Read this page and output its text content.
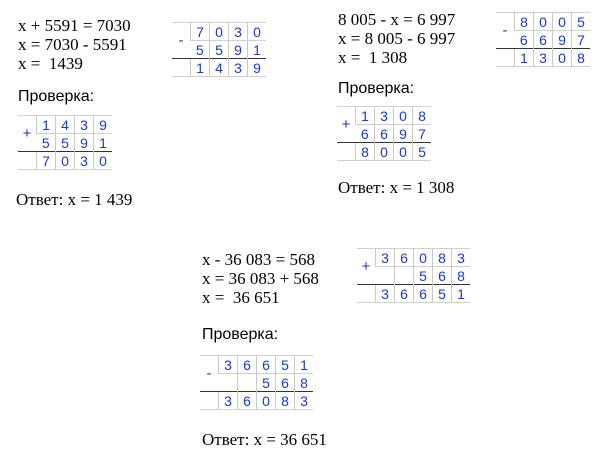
x + 5591 = 7030
x = 7030 - 5591
x =  1439
-	7	0	3	0
	5	5	9	1
	1	4	3	9
Проверка:
+	1	4	3	9
	5	5	9	1
	7	0	3	0
Ответ: х = 1 439
8 005 - х = 6 997
х = 8 005 - 6 997
х =  1 308
-	8	0	0	5
	6	6	9	7
	1	3	0	8
Проверка:
+	1	3	0	8
	6	6	9	7
	8	0	0	5
Ответ: х = 1 308
x - 36 083 = 568
x = 36 083 + 568
x =  36 651
+	3	6	0	8	3
			5	6	8
	3	6	6	5	1
Проверка:
-	3	6	6	5	1
			5	6	8
	3	6	0	8	3
Ответ: х = 36 651
